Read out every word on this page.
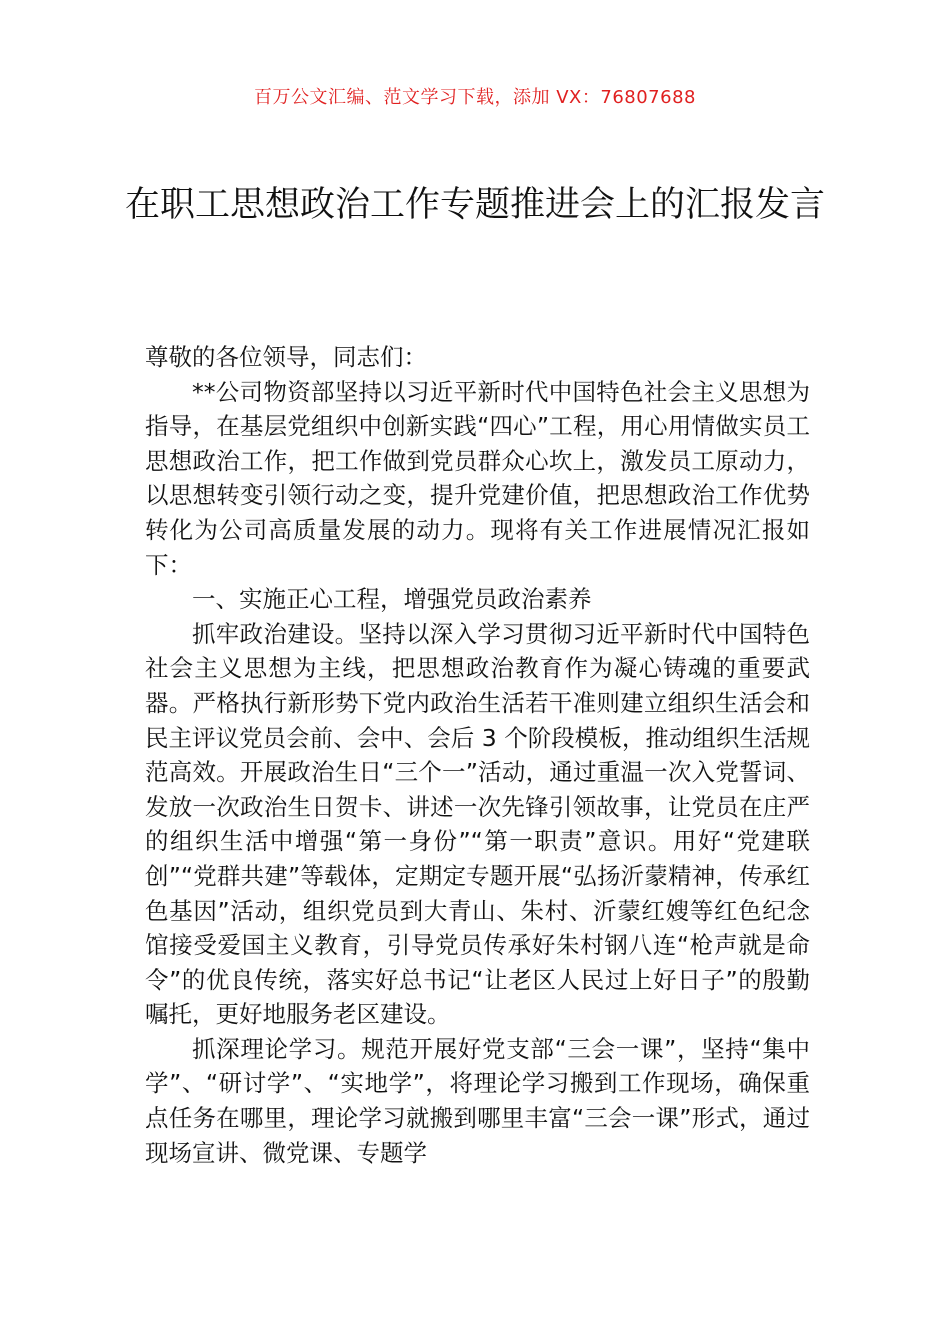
百万公文汇编、范文学习下载，添加 VX：76807688
在职工思想政治工作专题推进会上的汇报发言

尊敬的各位领导，同志们：

**公司物资部坚持以习近平新时代中国特色社会主义思想为指导，在基层党组织中创新实践“四心”工程，用心用情做实员工思想政治工作，把工作做到党员群众心坎上，激发员工原动力，以思想转变引领行动之变，提升党建价值，把思想政治工作优势转化为公司高质量发展的动力。现将有关工作进展情况汇报如下：

一、实施正心工程，增强党员政治素养

抓牢政治建设。坚持以深入学习贯彻习近平新时代中国特色社会主义思想为主线，把思想政治教育作为凝心铸魂的重要武器。严格执行新形势下党内政治生活若干准则建立组织生活会和民主评议党员会前、会中、会后 3 个阶段模板，推动组织生活规范高效。开展政治生日“三个一”活动，通过重温一次入党誓词、发放一次政治生日贺卡、讲述一次先锋引领故事，让党员在庄严的组织生活中增强“第一身份”“第一职责”意识。用好“党建联创”“党群共建”等载体，定期定专题开展“弘扬沂蒙精神，传承红色基因”活动，组织党员到大青山、朱村、沂蒙红嫂等红色纪念馆接受爱国主义教育，引导党员传承好朱村钢八连“枪声就是命令”的优良传统，落实好总书记“让老区人民过上好日子”的殷勤嘱托，更好地服务老区建设。

抓深理论学习。规范开展好党支部“三会一课”，坚持“集中学”、“研讨学”、“实地学”，将理论学习搬到工作现场，确保重点任务在哪里，理论学习就搬到哪里丰富“三会一课”形式，通过现场宣讲、微党课、专题学
